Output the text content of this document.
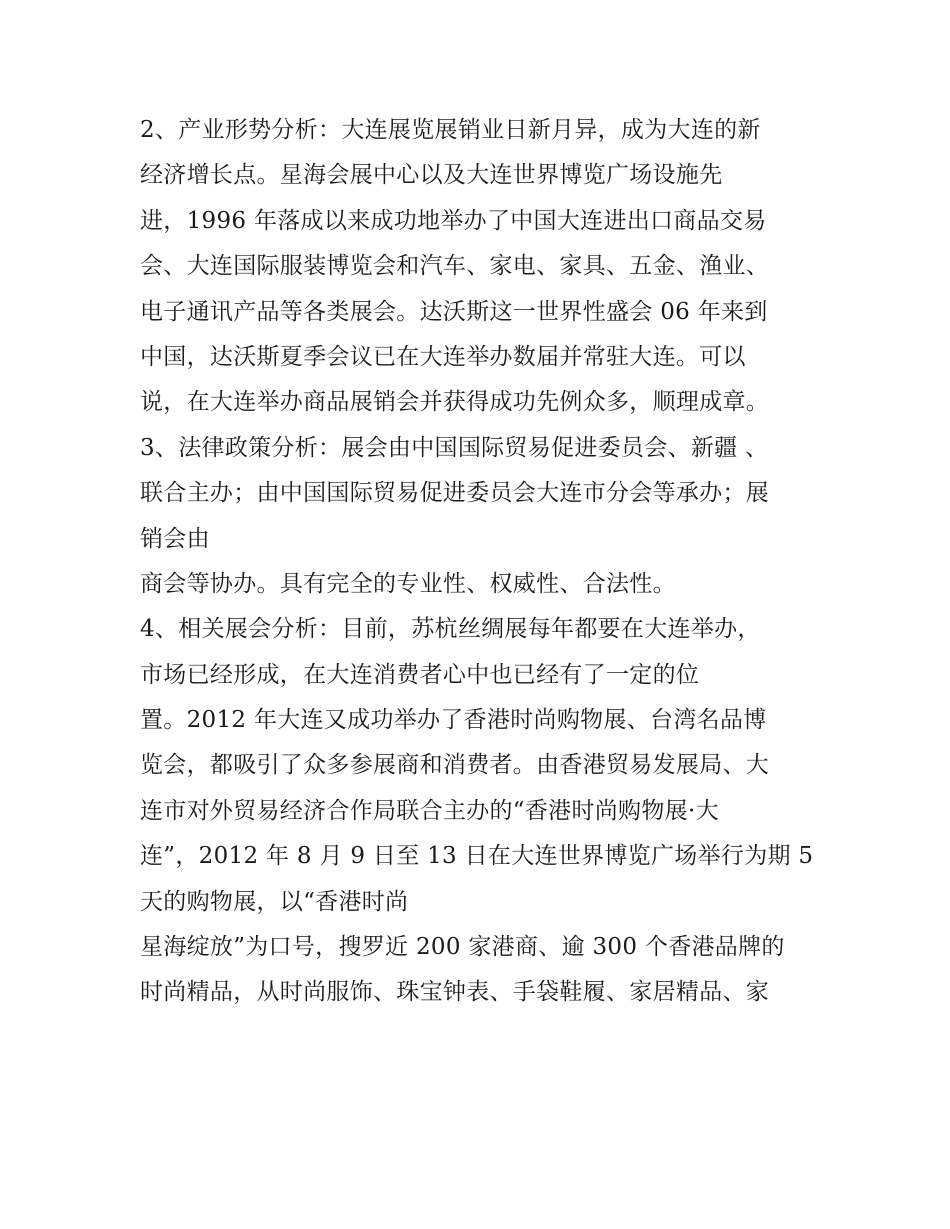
2、产业形势分析：大连展览展销业日新月异，成为大连的新
经济增长点。星海会展中心以及大连世界博览广场设施先
进，1996 年落成以来成功地举办了中国大连进出口商品交易
会、大连国际服装博览会和汽车、家电、家具、五金、渔业、
电子通讯产品等各类展会。达沃斯这一世界性盛会 06 年来到
中国，达沃斯夏季会议已在大连举办数届并常驻大连。可以
说，在大连举办商品展销会并获得成功先例众多，顺理成章。
3、法律政策分析：展会由中国国际贸易促进委员会、新疆 、
联合主办；由中国国际贸易促进委员会大连市分会等承办；展
销会由
商会等协办。具有完全的专业性、权威性、合法性。
4、相关展会分析：目前，苏杭丝绸展每年都要在大连举办，
市场已经形成，在大连消费者心中也已经有了一定的位
置。2012 年大连又成功举办了香港时尚购物展、台湾名品博
览会，都吸引了众多参展商和消费者。由香港贸易发展局、大
连市对外贸易经济合作局联合主办的“香港时尚购物展·大
连”，2012 年 8 月 9 日至 13 日在大连世界博览广场举行为期 5
天的购物展，以“香港时尚
星海绽放”为口号，搜罗近 200 家港商、逾 300 个香港品牌的
时尚精品，从时尚服饰、珠宝钟表、手袋鞋履、家居精品、家
